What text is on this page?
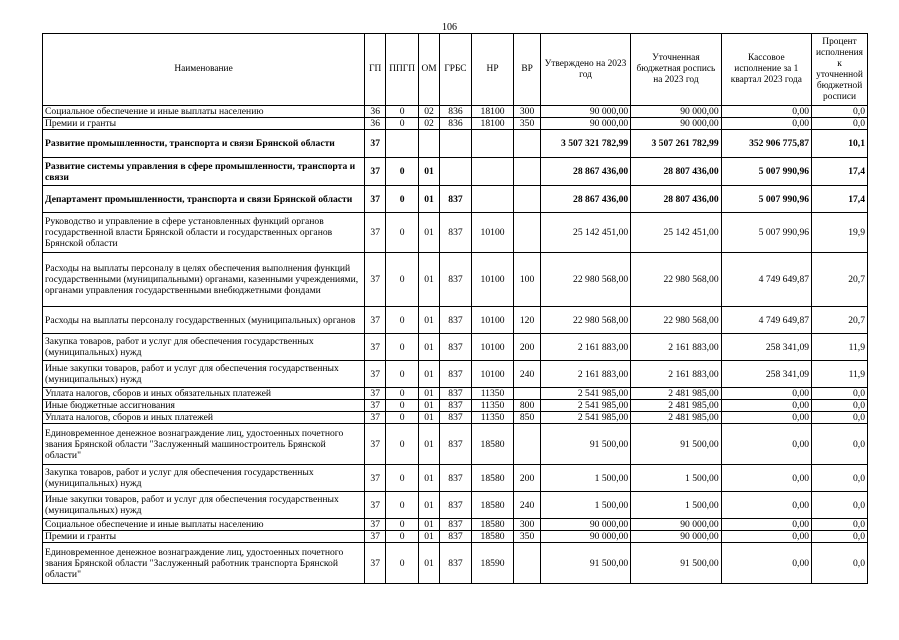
106
Наименование	ГП	ППГП	ОМ	ГРБС	НР	ВР	Утверждено на 2023 год	Уточненная бюджетная роспись на 2023 год	Кассовое исполнение за 1 квартал 2023 года	Процент исполнения к уточненной бюджетной росписи
Социальное обеспечение и иные выплаты населению	36	0	02	836	18100	300	90 000,00	90 000,00	0,00	0,0
Премии и гранты	36	0	02	836	18100	350	90 000,00	90 000,00	0,00	0,0
Развитие промышленности, транспорта и связи Брянской области	37						3 507 321 782,99	3 507 261 782,99	352 906 775,87	10,1
Развитие системы управления в сфере промышленности, транспорта и связи	37	0	01				28 867 436,00	28 807 436,00	5 007 990,96	17,4
Департамент промышленности, транспорта и связи Брянской области	37	0	01	837			28 867 436,00	28 807 436,00	5 007 990,96	17,4
Руководство и управление в сфере установленных функций органов государственной власти Брянской области и государственных органов Брянской области	37	0	01	837	10100		25 142 451,00	25 142 451,00	5 007 990,96	19,9
Расходы на выплаты персоналу в целях обеспечения выполнения функций государственными (муниципальными) органами, казенными учреждениями, органами управления государственными внебюджетными фондами	37	0	01	837	10100	100	22 980 568,00	22 980 568,00	4 749 649,87	20,7
Расходы на выплаты персоналу государственных (муниципальных) органов	37	0	01	837	10100	120	22 980 568,00	22 980 568,00	4 749 649,87	20,7
Закупка товаров, работ и услуг для обеспечения государственных (муниципальных) нужд	37	0	01	837	10100	200	2 161 883,00	2 161 883,00	258 341,09	11,9
Иные закупки товаров, работ и услуг для обеспечения государственных (муниципальных) нужд	37	0	01	837	10100	240	2 161 883,00	2 161 883,00	258 341,09	11,9
Уплата налогов, сборов и иных обязательных платежей	37	0	01	837	11350		2 541 985,00	2 481 985,00	0,00	0,0
Иные бюджетные ассигнования	37	0	01	837	11350	800	2 541 985,00	2 481 985,00	0,00	0,0
Уплата налогов, сборов и иных платежей	37	0	01	837	11350	850	2 541 985,00	2 481 985,00	0,00	0,0
Единовременное денежное вознаграждение лиц, удостоенных почетного звания Брянской области "Заслуженный машиностроитель Брянской области"	37	0	01	837	18580		91 500,00	91 500,00	0,00	0,0
Закупка товаров, работ и услуг для обеспечения государственных (муниципальных) нужд	37	0	01	837	18580	200	1 500,00	1 500,00	0,00	0,0
Иные закупки товаров, работ и услуг для обеспечения государственных (муниципальных) нужд	37	0	01	837	18580	240	1 500,00	1 500,00	0,00	0,0
Социальное обеспечение и иные выплаты населению	37	0	01	837	18580	300	90 000,00	90 000,00	0,00	0,0
Премии и гранты	37	0	01	837	18580	350	90 000,00	90 000,00	0,00	0,0
Единовременное денежное вознаграждение лиц, удостоенных почетного звания Брянской области "Заслуженный работник транспорта Брянской области"	37	0	01	837	18590		91 500,00	91 500,00	0,00	0,0
